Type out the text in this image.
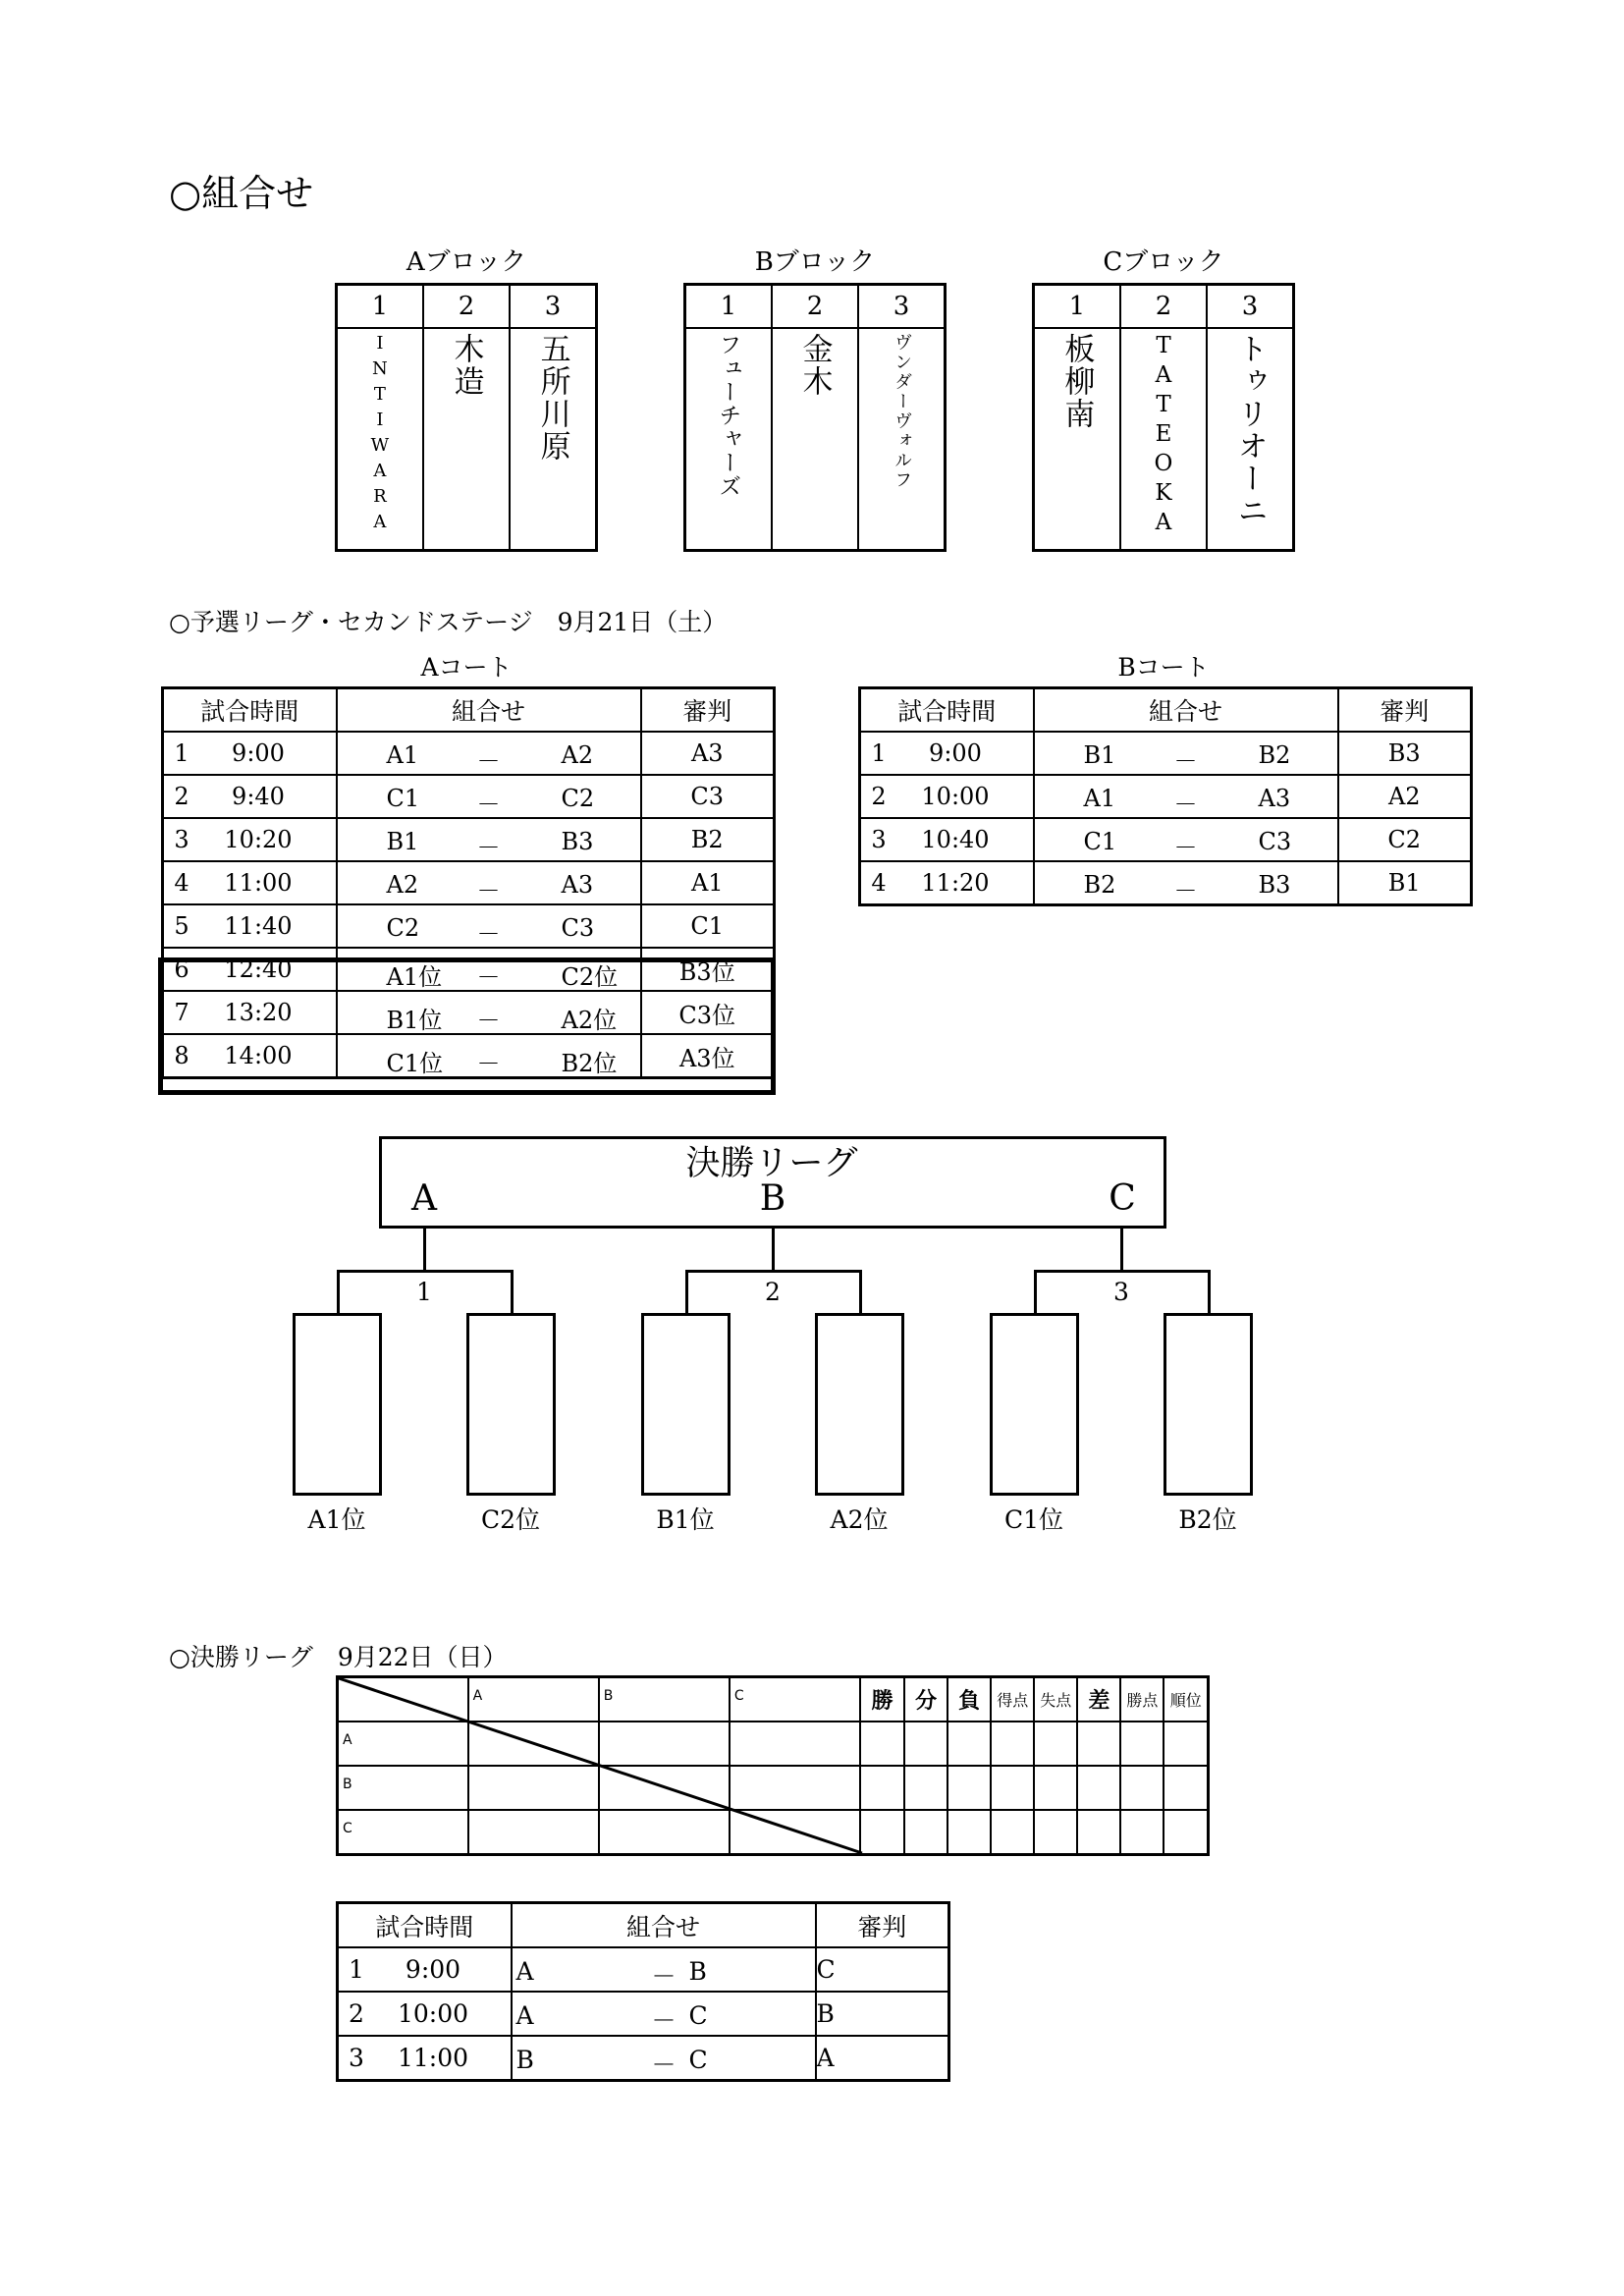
○組合せ
Aブロック
1	2	3
INTIWARA	木造	五所川原
Bブロック
1	2	3
フューチャーズ	金木	ヴンダーヴォルフ
Cブロック
1	2	3
板柳南	TATEOKA	トゥリオーニ
○予選リーグ・セカンドステージ　9月21日（土）
Aコート	Bコート
試合時間	組合せ	審判
1 9:00	A1 － A2	A3
2 9:40	C1 － C2	C3
3 10:20	B1 － B3	B2
4 11:00	A2 － A3	A1
5 11:40	C2 － C3	C1
6 12:40	A1位 － C2位	B3位
7 13:20	B1位 － A2位	C3位
8 14:00	C1位 － B2位	A3位
試合時間	組合せ	審判
1 9:00	B1 － B2	B3
2 10:00	A1 － A3	A2
3 10:40	C1 － C3	C2
4 11:20	B2 － B3	B1
決勝リーグ
A	B	C
1	2	3
A1位	C2位	B1位	A2位	C1位	B2位
○決勝リーグ　9月22日（日）

	A	B	C	勝	分	負	得点	失点	差	勝点	順位

A											

B											

C											

試合時間	組合せ	審判
1 9:00	A － B	C
2 10:00	A － C	B
3 11:00	B － C	A
